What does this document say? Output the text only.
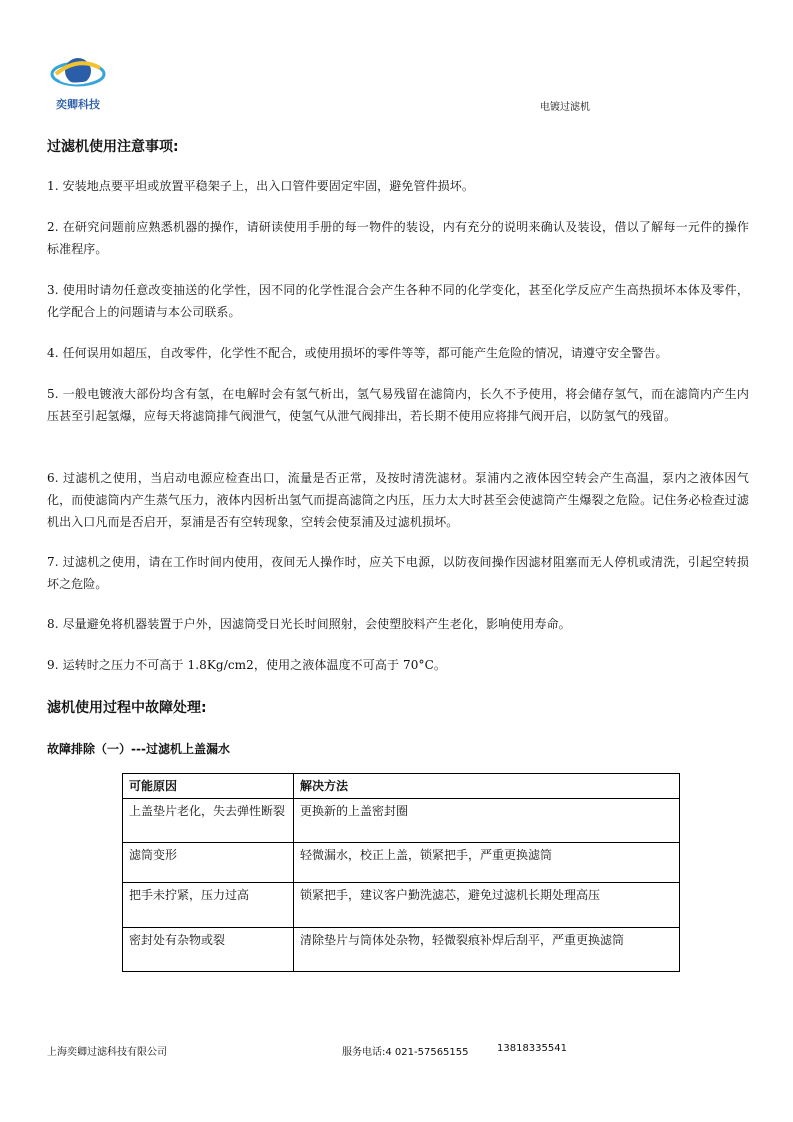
奕卿科技	电镀过滤机
过滤机使用注意事项:
1. 安装地点要平坦或放置平稳架子上，出入口管件要固定牢固，避免管件损坏。
2. 在研究问题前应熟悉机器的操作，请研读使用手册的每一物件的装设，内有充分的说明来确认及装设，借以了解每一元件的操作标准程序。
3. 使用时请勿任意改变抽送的化学性，因不同的化学性混合会产生各种不同的化学变化，甚至化学反应产生高热损坏本体及零件，化学配合上的问题请与本公司联系。
4. 任何误用如超压，自改零件，化学性不配合，或使用损坏的零件等等，都可能产生危险的情况，请遵守安全警告。
5. 一般电镀液大部份均含有氢，在电解时会有氢气析出，氢气易残留在滤筒内，长久不予使用，将会储存氢气，而在滤筒内产生内压甚至引起氢爆，应每天将滤筒排气阀泄气，使氢气从泄气阀排出，若长期不使用应将排气阀开启，以防氢气的残留。
6. 过滤机之使用，当启动电源应检查出口，流量是否正常，及按时清洗滤材。泵浦内之液体因空转会产生高温，泵内之液体因气化，而使滤筒内产生蒸气压力，液体内因析出氢气而提高滤筒之内压，压力太大时甚至会使滤筒产生爆裂之危险。记住务必检查过滤机出入口凡而是否启开，泵浦是否有空转现象，空转会使泵浦及过滤机损坏。
7. 过滤机之使用，请在工作时间内使用，夜间无人操作时，应关下电源，以防夜间操作因滤材阻塞而无人停机或清洗，引起空转损坏之危险。
8. 尽量避免将机器装置于户外，因滤筒受日光长时间照射，会使塑胶料产生老化，影响使用寿命。
9. 运转时之压力不可高于 1.8Kg/cm2，使用之液体温度不可高于 70°C。
滤机使用过程中故障处理:
故障排除（一）---过滤机上盖漏水
可能原因	解决方法
上盖垫片老化，失去弹性断裂	更换新的上盖密封圈
滤筒变形	轻微漏水，校正上盖，锁紧把手，严重更换滤筒
把手未拧紧，压力过高	锁紧把手，建议客户勤洗滤芯，避免过滤机长期处理高压
密封处有杂物或裂	清除垫片与筒体处杂物，轻微裂痕补焊后刮平，严重更换滤筒
上海奕卿过滤科技有限公司	服务电话:4 021-57565155	13818335541
